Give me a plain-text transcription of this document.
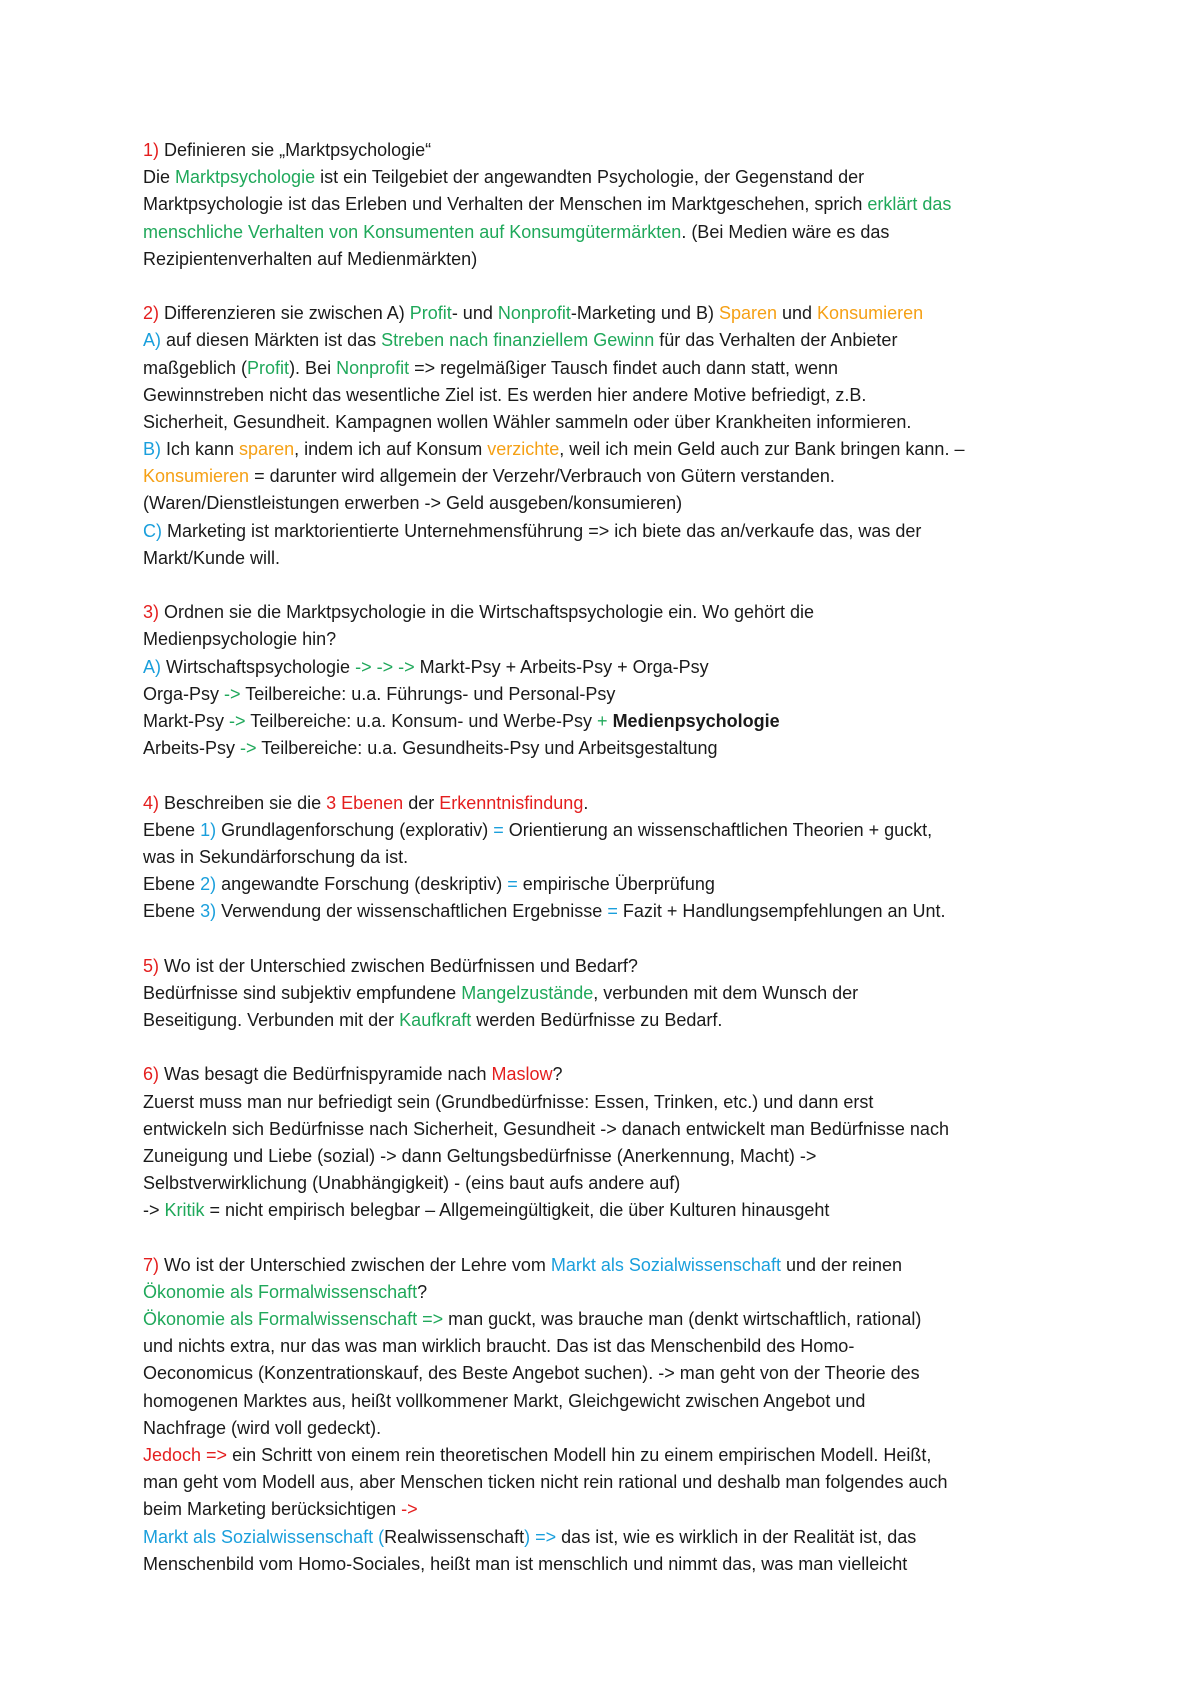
1) Definieren sie „Marktpsychologie“
Die Marktpsychologie ist ein Teilgebiet der angewandten Psychologie, der Gegenstand der
Marktpsychologie ist das Erleben und Verhalten der Menschen im Marktgeschehen, sprich erklärt das
menschliche Verhalten von Konsumenten auf Konsumgütermärkten. (Bei Medien wäre es das
Rezipientenverhalten auf Medienmärkten)
2) Differenzieren sie zwischen A) Profit- und Nonprofit-Marketing und B) Sparen und Konsumieren
A) auf diesen Märkten ist das Streben nach finanziellem Gewinn für das Verhalten der Anbieter
maßgeblich (Profit). Bei Nonprofit => regelmäßiger Tausch findet auch dann statt, wenn
Gewinnstreben nicht das wesentliche Ziel ist. Es werden hier andere Motive befriedigt, z.B.
Sicherheit, Gesundheit. Kampagnen wollen Wähler sammeln oder über Krankheiten informieren.
B) Ich kann sparen, indem ich auf Konsum verzichte, weil ich mein Geld auch zur Bank bringen kann. –
Konsumieren = darunter wird allgemein der Verzehr/Verbrauch von Gütern verstanden.
(Waren/Dienstleistungen erwerben -> Geld ausgeben/konsumieren)
C) Marketing ist marktorientierte Unternehmensführung => ich biete das an/verkaufe das, was der
Markt/Kunde will.
3) Ordnen sie die Marktpsychologie in die Wirtschaftspsychologie ein. Wo gehört die
Medienpsychologie hin?
A) Wirtschaftspsychologie -> -> -> Markt-Psy + Arbeits-Psy + Orga-Psy
Orga-Psy -> Teilbereiche: u.a. Führungs- und Personal-Psy
Markt-Psy -> Teilbereiche: u.a. Konsum- und Werbe-Psy + Medienpsychologie
Arbeits-Psy -> Teilbereiche: u.a. Gesundheits-Psy und Arbeitsgestaltung
4) Beschreiben sie die 3 Ebenen der Erkenntnisfindung.
Ebene 1) Grundlagenforschung (explorativ) = Orientierung an wissenschaftlichen Theorien + guckt,
was in Sekundärforschung da ist.
Ebene 2) angewandte Forschung (deskriptiv) = empirische Überprüfung
Ebene 3) Verwendung der wissenschaftlichen Ergebnisse = Fazit + Handlungsempfehlungen an Unt.
5) Wo ist der Unterschied zwischen Bedürfnissen und Bedarf?
Bedürfnisse sind subjektiv empfundene Mangelzustände, verbunden mit dem Wunsch der
Beseitigung. Verbunden mit der Kaufkraft werden Bedürfnisse zu Bedarf.
6) Was besagt die Bedürfnispyramide nach Maslow?
Zuerst muss man nur befriedigt sein (Grundbedürfnisse: Essen, Trinken, etc.) und dann erst
entwickeln sich Bedürfnisse nach Sicherheit, Gesundheit -> danach entwickelt man Bedürfnisse nach
Zuneigung und Liebe (sozial) -> dann Geltungsbedürfnisse (Anerkennung, Macht) ->
Selbstverwirklichung (Unabhängigkeit) - (eins baut aufs andere auf)
-> Kritik = nicht empirisch belegbar – Allgemeingültigkeit, die über Kulturen hinausgeht
7) Wo ist der Unterschied zwischen der Lehre vom Markt als Sozialwissenschaft und der reinen
Ökonomie als Formalwissenschaft?
Ökonomie als Formalwissenschaft => man guckt, was brauche man (denkt wirtschaftlich, rational)
und nichts extra, nur das was man wirklich braucht. Das ist das Menschenbild des Homo-
Oeconomicus (Konzentrationskauf, des Beste Angebot suchen). -> man geht von der Theorie des
homogenen Marktes aus, heißt vollkommener Markt, Gleichgewicht zwischen Angebot und
Nachfrage (wird voll gedeckt).
Jedoch => ein Schritt von einem rein theoretischen Modell hin zu einem empirischen Modell. Heißt,
man geht vom Modell aus, aber Menschen ticken nicht rein rational und deshalb man folgendes auch
beim Marketing berücksichtigen ->
Markt als Sozialwissenschaft (Realwissenschaft) => das ist, wie es wirklich in der Realität ist, das
Menschenbild vom Homo-Sociales, heißt man ist menschlich und nimmt das, was man vielleicht
